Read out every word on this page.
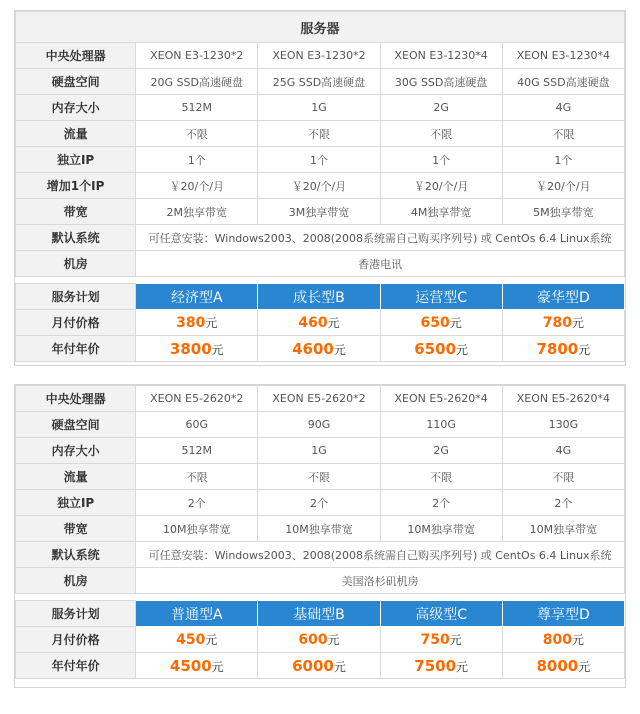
服务器				
中央处理器	XEON E3-1230*2	XEON E3-1230*2	XEON E3-1230*4	XEON E3-1230*4
硬盘空间	20G SSD高速硬盘	25G SSD高速硬盘	30G SSD高速硬盘	40G SSD高速硬盘
内存大小	512M	1G	2G	4G
流量	不限	不限	不限	不限
独立IP	1个	1个	1个	1个
增加1个IP	￥20/个/月	￥20/个/月	￥20/个/月	￥20/个/月
带宽	2M独享带宽	3M独享带宽	4M独享带宽	5M独享带宽
默认系统	可任意安装：Windows2003、2008(2008系统需自己购买序列号) 或 CentOs 6.4 Linux系统			
机房	香港电讯			

服务计划	经济型A	成长型B	运营型C	豪华型D
月付价格	380元	460元	650元	780元
年付年价	3800元	4600元	6500元	7800元
中央处理器	XEON E5-2620*2	XEON E5-2620*2	XEON E5-2620*4	XEON E5-2620*4
硬盘空间	60G	90G	110G	130G
内存大小	512M	1G	2G	4G
流量	不限	不限	不限	不限
独立IP	2个	2个	2个	2个
带宽	10M独享带宽	10M独享带宽	10M独享带宽	10M独享带宽
默认系统	可任意安装：Windows2003、2008(2008系统需自己购买序列号) 或 CentOs 6.4 Linux系统			
机房	美国洛杉矶机房			

服务计划	普通型A	基础型B	高级型C	尊享型D
月付价格	450元	600元	750元	800元
年付年价	4500元	6000元	7500元	8000元
